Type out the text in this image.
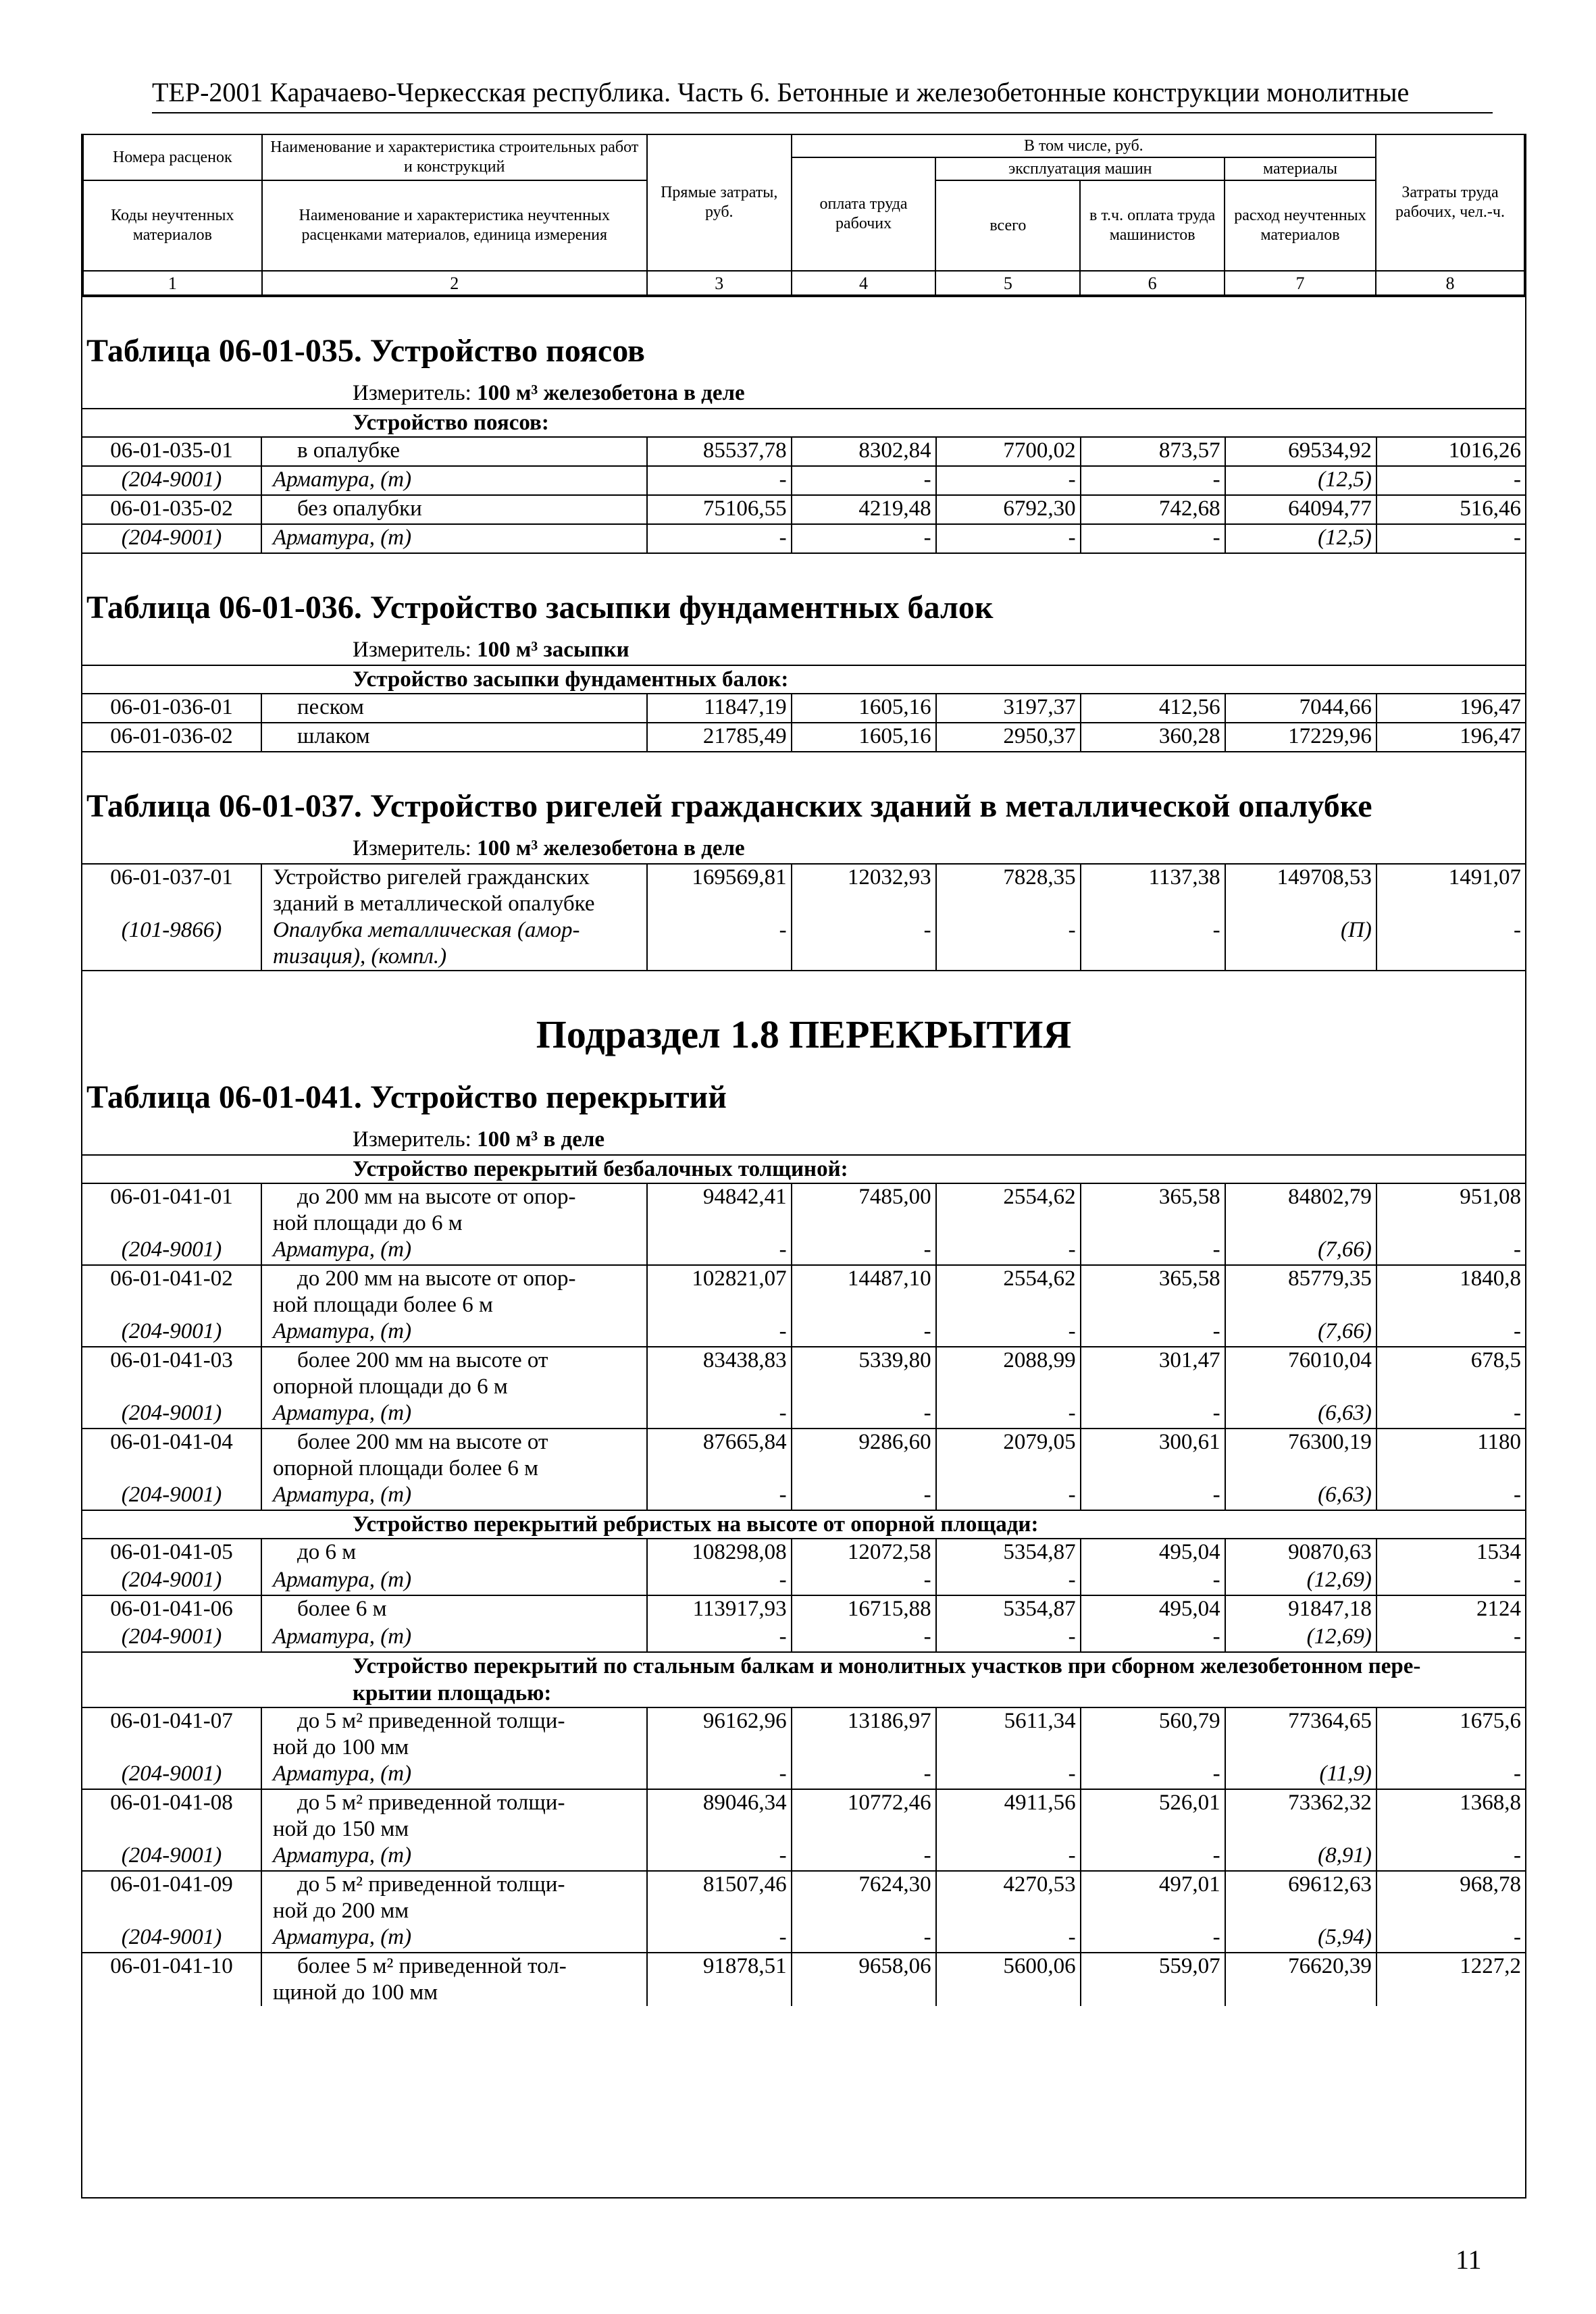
ТЕР-2001 Карачаево-Черкесская республика. Часть 6. Бетонные и железобетонные конструкции монолитные
Номера расценок	Наименование и характеристика строительных работ и конструкций	Прямые затраты, руб.	В том числе, руб.				Затраты труда рабочих, чел.-ч.
			оплата труда рабочих	эксплуатация машин		материалы	
Коды неучтенных материалов	Наименование и характеристика неучтенных расценками материалов, единица измерения			всего	в т.ч. оплата труда машинистов	расход неучтенных материалов	

1	2	3	4	5	6	7	8
Таблица 06-01-035. Устройство поясов
Измеритель: 100 м³ железобетона в деле
Устройство поясов:
06-01-035-01	в опалубке	85537,78	8302,84	7700,02	873,57	69534,92	1016,26
(204-9001)	Арматура, (т)	-	-	-	-	(12,5)	-
06-01-035-02	без опалубки	75106,55	4219,48	6792,30	742,68	64094,77	516,46
(204-9001)	Арматура, (т)	-	-	-	-	(12,5)	-
Таблица 06-01-036. Устройство засыпки фундаментных балок
Измеритель: 100 м³ засыпки
Устройство засыпки фундаментных балок:
06-01-036-01	песком	11847,19	1605,16	3197,37	412,56	7044,66	196,47
06-01-036-02	шлаком	21785,49	1605,16	2950,37	360,28	17229,96	196,47
Таблица 06-01-037. Устройство ригелей гражданских зданий в металлической опалубке
Измеритель: 100 м³ железобетона в деле
06-01-037-01	Устройство ригелей гражданских
зданий в металлической опалубке	169569,81	12032,93	7828,35	1137,38	149708,53	1491,07
(101-9866)	Опалубка металлическая (амор-
тизация), (компл.)	-	-	-	-	(П)	-
Подраздел 1.8 ПЕРЕКРЫТИЯ
Таблица 06-01-041. Устройство перекрытий
Измеритель: 100 м³ в деле
Устройство перекрытий безбалочных толщиной:
06-01-041-01	до 200 мм на высоте от опор-
ной площади до 6 м	94842,41	7485,00	2554,62	365,58	84802,79	951,08
(204-9001)	Арматура, (т)	-	-	-	-	(7,66)	-
06-01-041-02	до 200 мм на высоте от опор-
ной площади более 6 м	102821,07	14487,10	2554,62	365,58	85779,35	1840,8
(204-9001)	Арматура, (т)	-	-	-	-	(7,66)	-
06-01-041-03	более 200 мм на высоте от
опорной площади до 6 м	83438,83	5339,80	2088,99	301,47	76010,04	678,5
(204-9001)	Арматура, (т)	-	-	-	-	(6,63)	-
06-01-041-04	более 200 мм на высоте от
опорной площади более 6 м	87665,84	9286,60	2079,05	300,61	76300,19	1180
(204-9001)	Арматура, (т)	-	-	-	-	(6,63)	-
Устройство перекрытий ребристых на высоте от опорной площади:
06-01-041-05	до 6 м	108298,08	12072,58	5354,87	495,04	90870,63	1534
(204-9001)	Арматура, (т)	-	-	-	-	(12,69)	-
06-01-041-06	более 6 м	113917,93	16715,88	5354,87	495,04	91847,18	2124
(204-9001)	Арматура, (т)	-	-	-	-	(12,69)	-
Устройство перекрытий по стальным балкам и монолитных участков при сборном железобетонном пере-
крытии площадью:
06-01-041-07	до 5 м² приведенной толщи-
ной до 100 мм	96162,96	13186,97	5611,34	560,79	77364,65	1675,6
(204-9001)	Арматура, (т)	-	-	-	-	(11,9)	-
06-01-041-08	до 5 м² приведенной толщи-
ной до 150 мм	89046,34	10772,46	4911,56	526,01	73362,32	1368,8
(204-9001)	Арматура, (т)	-	-	-	-	(8,91)	-
06-01-041-09	до 5 м² приведенной толщи-
ной до 200 мм	81507,46	7624,30	4270,53	497,01	69612,63	968,78
(204-9001)	Арматура, (т)	-	-	-	-	(5,94)	-
06-01-041-10	более 5 м² приведенной тол-
щиной до 100 мм	91878,51	9658,06	5600,06	559,07	76620,39	1227,2
11
